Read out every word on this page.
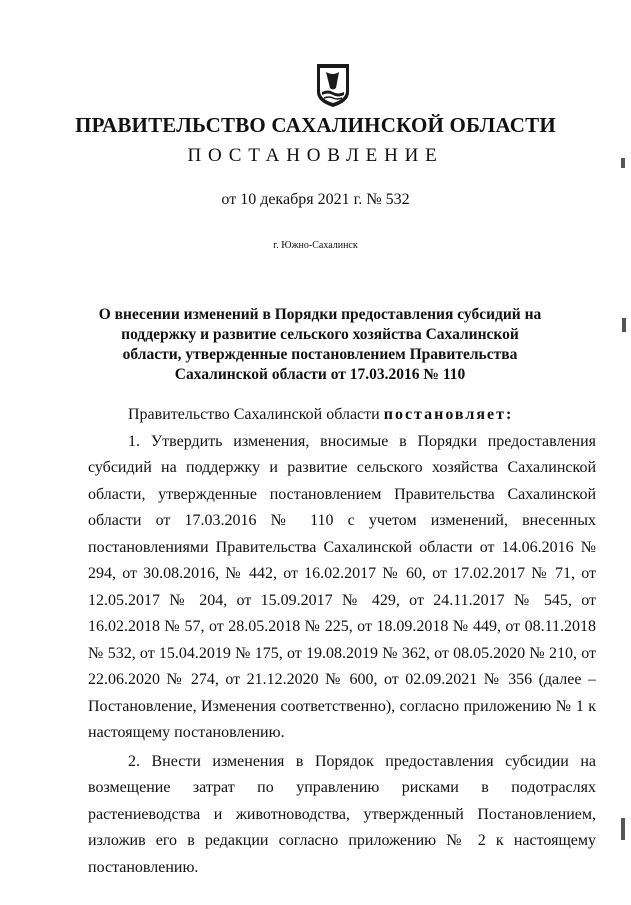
ПРАВИТЕЛЬСТВО САХАЛИНСКОЙ ОБЛАСТИ
ПОСТАНОВЛЕНИЕ
от 10 декабря 2021 г. № 532
г. Южно-Сахалинск
О внесении изменений в Порядки предоставления субсидий на поддержку и развитие сельского хозяйства Сахалинской области, утвержденные постановлением Правительства Сахалинской области от 17.03.2016 № 110

Правительство Сахалинской области постановляет:

1. Утвердить изменения, вносимые в Порядки предоставления субсидий на поддержку и развитие сельского хозяйства Сахалинской области, утвержденные постановлением Правительства Сахалинской области от 17.03.2016 № 110 с учетом изменений, внесенных постановлениями Правительства Сахалинской области от 14.06.2016 № 294, от 30.08.2016, № 442, от 16.02.2017 № 60, от 17.02.2017 № 71, от 12.05.2017 № 204, от 15.09.2017 № 429, от 24.11.2017 № 545, от 16.02.2018 № 57, от 28.05.2018 № 225, от 18.09.2018 № 449, от 08.11.2018 № 532, от 15.04.2019 № 175, от 19.08.2019 № 362, от 08.05.2020 № 210, от 22.06.2020 № 274, от 21.12.2020 № 600, от 02.09.2021 № 356 (далее – Постановление, Изменения соответственно), согласно приложению № 1 к настоящему постановлению.

2. Внести изменения в Порядок предоставления субсидии на возмещение затрат по управлению рисками в подотраслях растениеводства и животноводства, утвержденный Постановлением, изложив его в редакции согласно приложению № 2 к настоящему постановлению.
